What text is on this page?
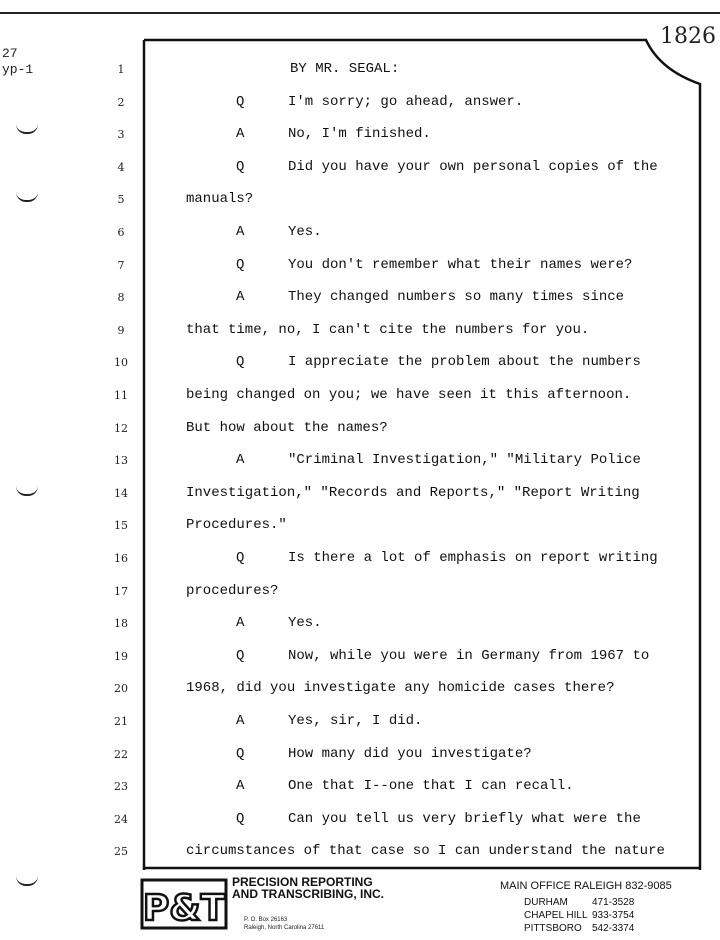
1826
27
yp-1	1	BY MR. SEGAL:
2	Q	I'm sorry; go ahead, answer.
3	A	No, I'm finished.
4	Q	Did you have your own personal copies of the
5	manuals?
6	A	Yes.
7	Q	You don't remember what their names were?
8	A	They changed numbers so many times since
9	that time, no, I can't cite the numbers for you.
10	Q	I appreciate the problem about the numbers
11	being changed on you; we have seen it this afternoon.
12	But how about the names?
13	A	"Criminal Investigation," "Military Police
14	Investigation," "Records and Reports," "Report Writing
15	Procedures."
16	Q	Is there a lot of emphasis on report writing
17	procedures?
18	A	Yes.
19	Q	Now, while you were in Germany from 1967 to
20	1968, did you investigate any homicide cases there?
21	A	Yes, sir, I did.
22	Q	How many did you investigate?
23	A	One that I--one that I can recall.
24	Q	Can you tell us very briefly what were the
25	circumstances of that case so I can understand the nature
P&T
PRECISION REPORTING
AND TRANSCRIBING, INC.
P. O. Box 26163
Raleigh, North Carolina 27611
MAIN OFFICE RALEIGH 832-9085
DURHAM 471-3528
CHAPEL HILL 933-3754
PITTSBORO 542-3374
